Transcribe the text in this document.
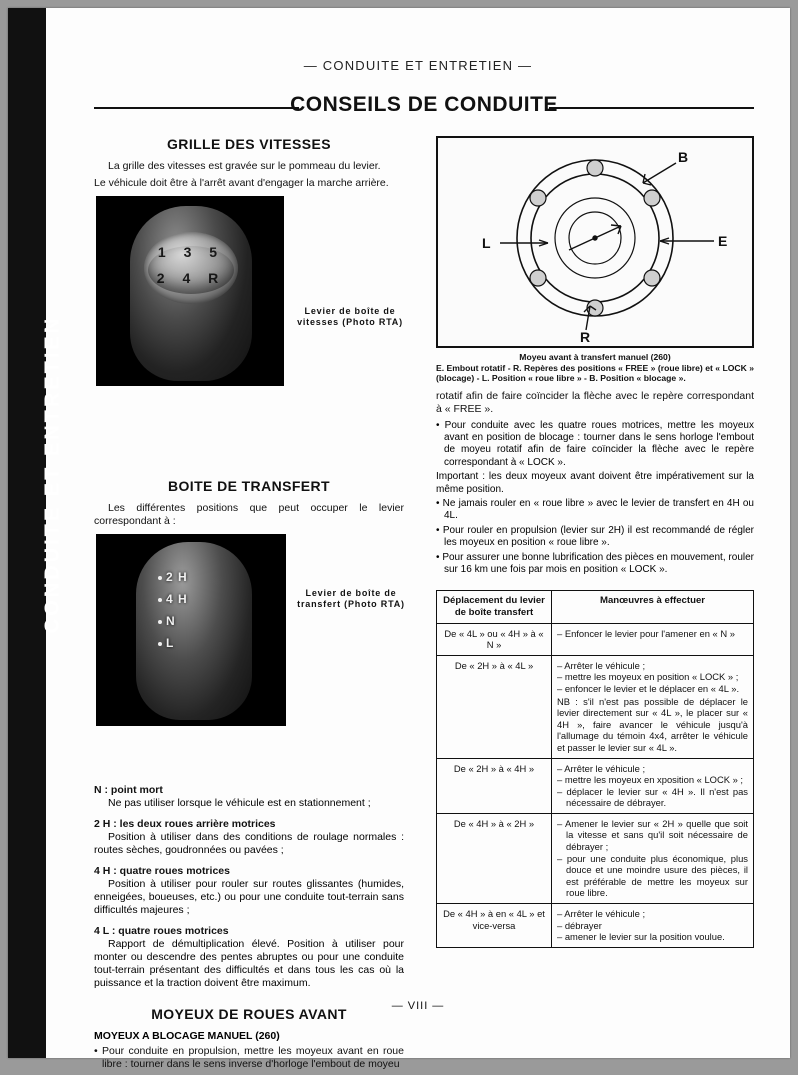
CONDUITE ET ENTRETIEN
— CONDUITE ET ENTRETIEN —
CONSEILS DE CONDUITE
GRILLE DES VITESSES

La grille des vitesses est gravée sur le pommeau du levier.

Le véhicule doit être à l'arrêt avant d'engager la marche arrière.

1 3 5
2 4 R
Levier de boîte de vitesses (Photo RTA)
BOITE DE TRANSFERT

Les différentes positions que peut occuper le levier correspondant à :

2 H
4 H
N
L
Levier de boîte de transfert (Photo RTA)
N : point mort

Ne pas utiliser lorsque le véhicule est en stationnement ;

2 H : les deux roues arrière motrices

Position à utiliser dans des conditions de roulage normales : routes sèches, goudronnées ou pavées ;

4 H : quatre roues motrices

Position à utiliser pour rouler sur routes glissantes (humides, enneigées, boueuses, etc.) ou pour une conduite tout-terrain sans difficultés majeures ;

4 L : quatre roues motrices

Rapport de démultiplication élevé. Position à utiliser pour monter ou descendre des pentes abruptes ou pour une conduite tout-terrain présentant des difficultés et dans tous les cas où la puissance et la traction doivent être maximum.

MOYEUX DE ROUES AVANT
MOYEUX A BLOCAGE MANUEL (260)

• Pour conduite en propulsion, mettre les moyeux avant en roue libre : tourner dans le sens inverse d'horloge l'embout de moyeu

B
E
L
R
Moyeu avant à transfert manuel (260)
E. Embout rotatif - R. Repères des positions « FREE » (roue libre) et « LOCK » (blocage) - L. Position « roue libre » - B. Position « blocage ».

rotatif afin de faire coïncider la flèche avec le repère correspondant à « FREE ».

• Pour conduite avec les quatre roues motrices, mettre les moyeux avant en position de blocage : tourner dans le sens horloge l'embout de moyeu rotatif afin de faire coïncider la flèche avec le repère correspondant à « LOCK ».

Important : les deux moyeux avant doivent être impérativement sur la même position.

• Ne jamais rouler en « roue libre » avec le levier de transfert en 4H ou 4L.

• Pour rouler en propulsion (levier sur 2H) il est recommandé de régler les moyeux en position « roue libre ».

• Pour assurer une bonne lubrification des pièces en mouvement, rouler sur 16 km une fois par mois en position « LOCK ».

Déplacement du levier de boîte transfert	Manœuvres à effectuer
De « 4L » ou « 4H » à « N »	– Enfoncer le levier pour l'amener en « N »

De « 2H » à « 4L »	– Arrêter le véhicule ;
– mettre les moyeux en position « LOCK » ;
– enfoncer le levier et le déplacer en « 4L ».
NB : s'il n'est pas possible de déplacer le levier directement sur « 4L », le placer sur « 4H », faire avancer le véhicule jusqu'à l'allumage du témoin 4x4, arrêter le véhicule et passer le levier sur « 4L ».

De « 2H » à « 4H »	– Arrêter le véhicule ;
– mettre les moyeux en xposition « LOCK » ;
– déplacer le levier sur « 4H ». Il n'est pas nécessaire de débrayer.

De « 4H » à « 2H »	– Amener le levier sur « 2H » quelle que soit la vitesse et sans qu'il soit nécessaire de débrayer ;
– pour une conduite plus économique, plus douce et une moindre usure des pièces, il est préférable de mettre les moyeux sur roue libre.

De « 4H » à en « 4L » et vice-versa	– Arrêter le véhicule ;
– débrayer
– amener le levier sur la position voulue.
— VIII —
